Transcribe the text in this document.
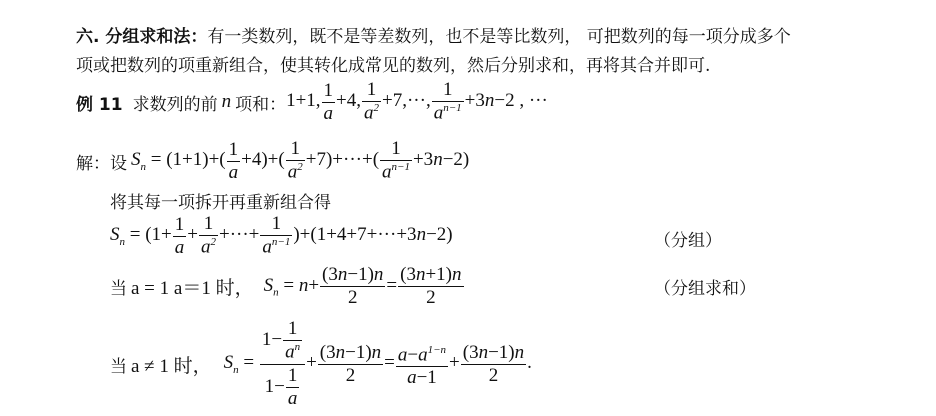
六. 分组求和法：有一类数列，既不是等差数列，也不是等比数列， 可把数列的每一项分成多个
项或把数列的项重新组合，使其转化成常见的数列，然后分别求和，再将其合并即可.
例 11 求数列的前 n 项和： 1+1, $\frac{1}{a} +4$, $\frac{1}{a^2} +7,\cdot\cdot\cdot$, $\frac{1}{a^{n-1}} +3n-2$ , ···
解：设 $S_n = (1+1)+( \frac{1}{a} +4)+( \frac{1}{a^2} +7)+\cdot\cdot\cdot+( \frac{1}{a^{n-1}} +3n-2)$
将其每一项拆开再重新组合得
$S_n = (1+ \frac{1}{a} + \frac{1}{a^2}$ +···+ $\frac{1}{a^{n-1}} )+(1+4+7+\cdot\cdot\cdot+3n-2)$	（分组）
当 a = 1 a＝1 时， $S_n = n+ \frac{(3n-1)n}{2} = \frac{(3n+1)n}{2}$	（分组求和）
当 a ≠ 1 时， $S_n = \frac{1- \frac{1}{a^n}}{1- \frac{1}{a}} + \frac{(3n-1)n}{2} = \frac{a-a^{1-n}}{a-1} + \frac{(3n-1)n}{2}$ .
